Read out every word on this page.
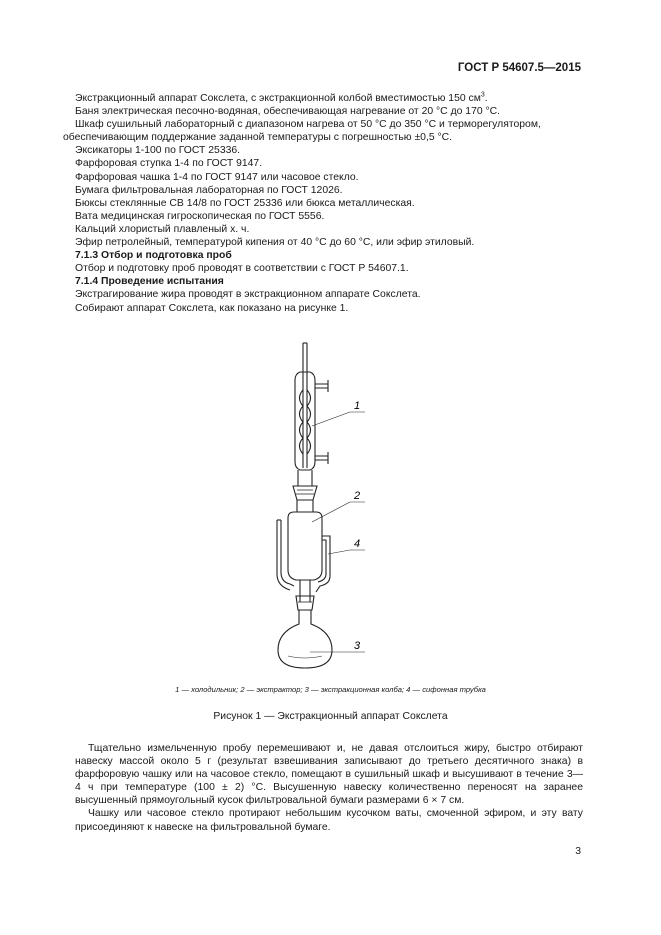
ГОСТ Р 54607.5—2015

Экстракционный аппарат Сокслета, с экстракционной колбой вместимостью 150 $см^3$.

Баня электрическая песочно-водяная, обеспечивающая нагревание от 20 °С до 170 °С.

Шкаф сушильный лабораторный с диапазоном нагрева от 50 °С до 350 °С и терморегулятором,

обеспечивающим поддержание заданной температуры с погрешностью ±0,5 °С.

Эксикаторы 1-100 по ГОСТ 25336.

Фарфоровая ступка 1-4 по ГОСТ 9147.

Фарфоровая чашка 1-4 по ГОСТ 9147 или часовое стекло.

Бумага фильтровальная лабораторная по ГОСТ 12026.

Бюксы стеклянные СВ 14/8 по ГОСТ 25336 или бюкса металлическая.

Вата медицинская гигроскопическая по ГОСТ 5556.

Кальций хлористый плавленый х. ч.

Эфир петролейный, температурой кипения от 40 °С до 60 °С, или эфир этиловый.

7.1.3 Отбор и подготовка проб

Отбор и подготовку проб проводят в соответствии с ГОСТ Р 54607.1.

7.1.4 Проведение испытания

Экстрагирование жира проводят в экстракционном аппарате Сокслета.

Собирают аппарат Сокслета, как показано на рисунке 1.

1
2
4
3
1 — холодильник; 2 — экстрактор; 3 — экстракционная колба; 4 — сифонная трубка
Рисунок 1 — Экстракционный аппарат Сокслета

Тщательно измельченную пробу перемешивают и, не давая отслоиться жиру, быстро отбирают навеску массой около 5 г (результат взвешивания записывают до третьего десятичного знака) в фарфоровую чашку или на часовое стекло, помещают в сушильный шкаф и высушивают в течение 3—4 ч при температуре (100 ± 2) °С. Высушенную навеску количественно переносят на заранее высушенный прямоугольный кусок фильтровальной бумаги размерами 6 × 7 см.

Чашку или часовое стекло протирают небольшим кусочком ваты, смоченной эфиром, и эту вату присоединяют к навеске на фильтровальной бумаге.

3
